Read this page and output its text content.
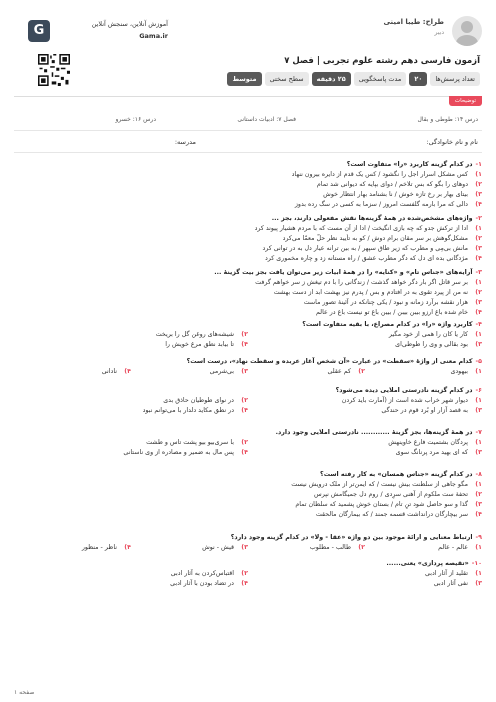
طراح: طیبا امینی
دبیر
آموزش آنلاین، سنجش آنلاین
Gama.ir
G
آزمون فارسی دهم رشته علوم تجربی | فصل ۷
تعداد پرسش‌ها
۲۰
مدت پاسخگویی
۲۵ دقیقه
سطح سختی
متوسط
توضیحات
درس ۱۴: طوطی و بقال
فصل ۷: ادبیات داستانی
درس ۱۶: خسرو
نام و نام خانوادگی:
مدرسه:
۱-در کدام گزینه کاربرد «را» متفاوت است؟
۱)
کس مشکل اسرار اجل را نگشود / کس یک قدم از دایره بیرون ننهاد
۲)
دوهای را بگو که بس تلاخم / دوای بپایه که دیوانی شد تمام
۳)
بیتای بهار بر رخ تازه خوش / نا بشنامد بهار انتظار خوش
۴)
دالی که مرا بارمه گلفست امروز / سزما به کسی در سگ رده بدوز
۲-واژه‌های مشخص‌شده در همهٔ گزینه‌ها نقش مفعولی دارند، بجز ...
۱)
ادا از ترکش جدو که چه بازی انگیخت / ادا از آن مست که با مردم هشیار پیوند کرد
۲)
مشکل‌گوهش بر سر مقان برام دوش / کو به تأیید نظر حلّ معمّا می‌کرد
۳)
مانش بی‌مِی و مطرب که زیر طاق سپهر / به بین ترانه عیار دل به در توانی کرد
۴)
مژدگانی بده ای دل که دگر مطرب عشق / راه مستانه زد و چاره مخموری کرد
۳-آرایه‌های «جناس تام» و «کنایه» را در همهٔ ابیات زیر می‌توان یافت بجز بیت گزینهٔ ...
۱)
بر سر قاتل اگر بار دگر خواهد گذشت / زندگانی را با دم تیغش ز سر خواهم گرفت
۲)
نه من از پیرد تقوی به در افتادم و بس / پدرم نیز بهشت ابد از دست بهشت
۳)
هزار نقشه برآرد زمانه و نبود / یکی چنانکه در آئینهٔ تصور ماست
۴)
خام شده باغ ارزو بیبن بیبن / بیین باغ تو نیست باغ در عالم
۴-کاربرد واژه «را» در کدام مصراع، با بقیه متفاوت است؟
۱)
کار یا کان را همی از خود مگیر
۲)
شیشه‌های روغن گل را بریخت
۳)
بود بقالی و وی را طوطی‌ای
۴)
تا بیابد نطق مرغ خویش را
۵-کدام معنی از واژهٔ «سقطت» در عبارت «آن شخص آغاز عربده و سقطت نهاد»، درست است؟
۱)
بیهودی
۲)
کم عقلی
۳)
بی‌شرمی
۴)
نادانی
۶-در کدام گزینه نادرستی املایی دیده می‌شود؟
۱)
دیوار شهر خراب شده است از (آمارت باید کردن
۲)
در نوای طوطیان حاذق بدی
۳)
به قصد آزار او بُرد قوم در حندگی
۴)
در نطق مکاید دلدار با می‌توانم نبود
۷-در همهٔ گزینه‌ها، بجز گزینهٔ ............ نادرستی املایی وجود دارد.
۱)
پردگان بشتمیت فارغ خاوینهش
۲)
با سری‌بیو بیو پشت تاس و طشت
۳)
که ای بهید مرد پرنانگ سوی
۴)
پس مال به ضمیر و مصادره از وی ناستانی
۸-در کدام گزینه «جناس همسان» به کار رفته است؟
۱)
مگو جاهی از سلطنت بیش نیست / که ایمن‌تر از ملک درویش نیست
۲)
تحفهٔ ست ملکوم از آهنی سرِدی / روم دل جمیگامش نپرس
۳)
گذا و سو حاصل شود تنِ تام / بستان خوش پشمید که سلطان تمام
۴)
سر بیچارگان درانداشت قسمه جمند / که بیمارگان مالحقت
۹-ارتباط معنایی و ارائهٔ موجود بین دو واژه «عقا - ولا» در کدام گزینه وجود دارد؟
۱)
عالم - عالم
۲)
طالب - مطلوب
۳)
قیش - نوش
۴)
ناظر - منظور
۱۰-«تقیصه پردازی» یعنی......
۱)
تقلید از آثار ادبی
۲)
اقتباس‌کردن به آثار ادبی
۳)
نفی آثار ادبی
۴)
در تضاد بودن با آثار ادبی
صفحه ۱
